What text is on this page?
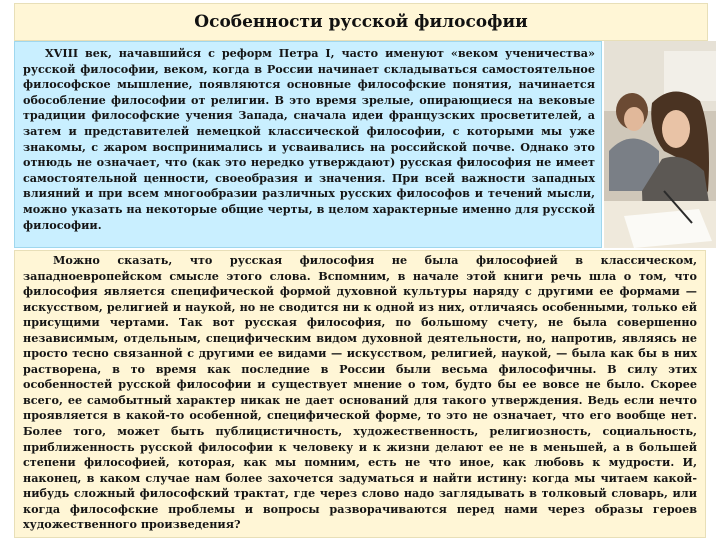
Особенности русской философии

XVIII век, начавшийся с реформ Петра I, часто именуют «веком ученичества» русской философии, веком, когда в России начинает складываться самостоятельное философское мышление, появляются основные философские понятия, начинается обособление философии от религии. В это время зрелые, опирающиеся на вековые традиции философские учения Запада, сначала идеи французских просветителей, а затем и представителей немецкой классической философии, с которыми мы уже знакомы, с жаром воспринимались и усваивались на российской почве. Однако это отнюдь не означает, что (как это нередко утверждают) русская философия не имеет самостоятельной ценности, своеобразия и значения. При всей важности западных влияний и при всем многообразии различных русских философов и течений мысли, можно указать на некоторые общие черты, в целом характерные именно для русской философии.

Можно сказать, что русская философия не была философией в классическом, западноевропейском смысле этого слова. Вспомним, в начале этой книги речь шла о том, что философия является специфической формой духовной культуры наряду с другими ее формами — искусством, религией и наукой, но не сводится ни к одной из них, отличаясь особенными, только ей присущими чертами. Так вот русская философия, по большому счету, не была совершенно независимым, отдельным, специфическим видом духовной деятельности, но, напротив, являясь не просто тесно связанной с другими ее видами — искусством, религией, наукой, — была как бы в них растворена, в то время как последние в России были весьма философичны. В силу этих особенностей русской философии и существует мнение о том, будто бы ее вовсе не было. Скорее всего, ее самобытный характер никак не дает оснований для такого утверждения. Ведь если нечто проявляется в какой-то особенной, специфической форме, то это не означает, что его вообще нет. Более того, может быть публицистичность, художественность, религиозность, социальность, приближенность русской философии к человеку и к жизни делают ее не в меньшей, а в большей степени философией, которая, как мы помним, есть не что иное, как любовь к мудрости. И, наконец, в каком случае нам более захочется задуматься и найти истину: когда мы читаем какой-нибудь сложный философский трактат, где через слово надо заглядывать в толковый словарь, или когда философские проблемы и вопросы разворачиваются перед нами через образы героев художественного произведения?
